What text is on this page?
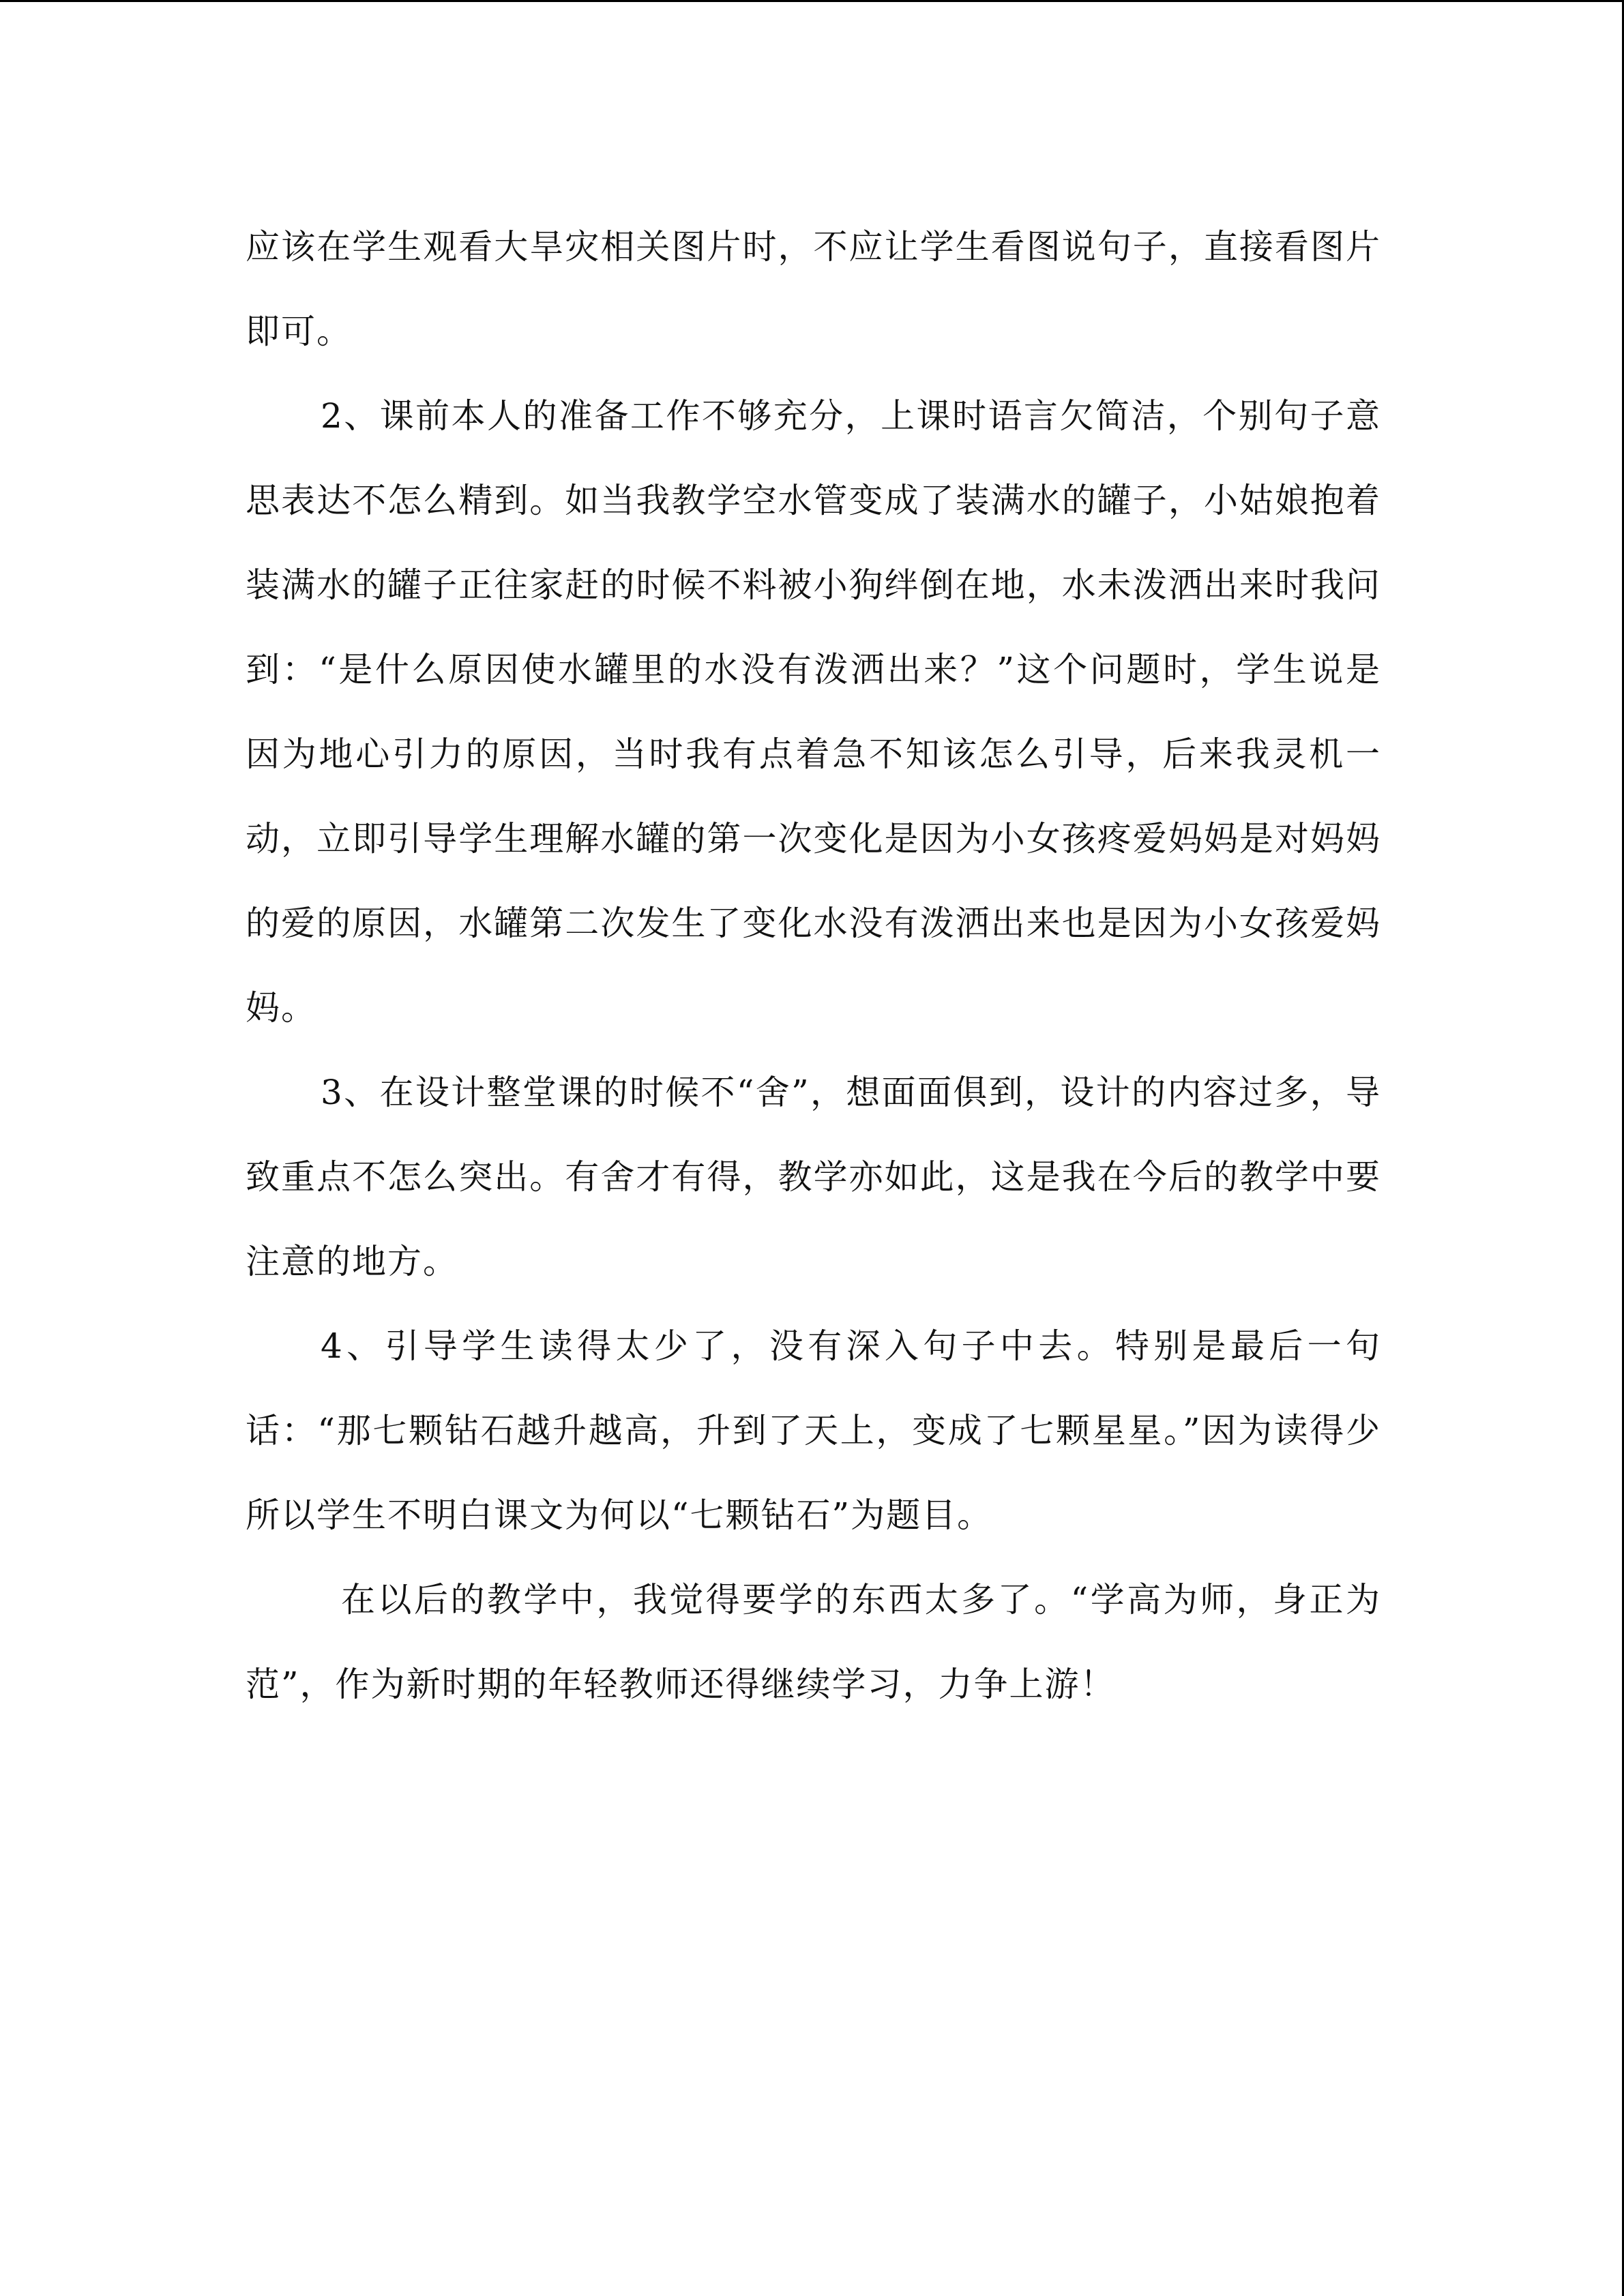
应该在学生观看大旱灾相关图片时，不应让学生看图说句子，直接看图片即可。

2、课前本人的准备工作不够充分，上课时语言欠简洁，个别句子意思表达不怎么精到。如当我教学空水管变成了装满水的罐子，小姑娘抱着装满水的罐子正往家赶的时候不料被小狗绊倒在地，水未泼洒出来时我问到：“是什么原因使水罐里的水没有泼洒出来？”这个问题时，学生说是因为地心引力的原因，当时我有点着急不知该怎么引导，后来我灵机一动，立即引导学生理解水罐的第一次变化是因为小女孩疼爱妈妈是对妈妈的爱的原因，水罐第二次发生了变化水没有泼洒出来也是因为小女孩爱妈妈。

3、在设计整堂课的时候不“舍”，想面面俱到，设计的内容过多，导致重点不怎么突出。有舍才有得，教学亦如此，这是我在今后的教学中要注意的地方。

4、引导学生读得太少了，没有深入句子中去。特别是最后一句话：“那七颗钻石越升越高，升到了天上，变成了七颗星星。”因为读得少所以学生不明白课文为何以“七颗钻石”为题目。

在以后的教学中，我觉得要学的东西太多了。“学高为师，身正为范”，作为新时期的年轻教师还得继续学习，力争上游！
